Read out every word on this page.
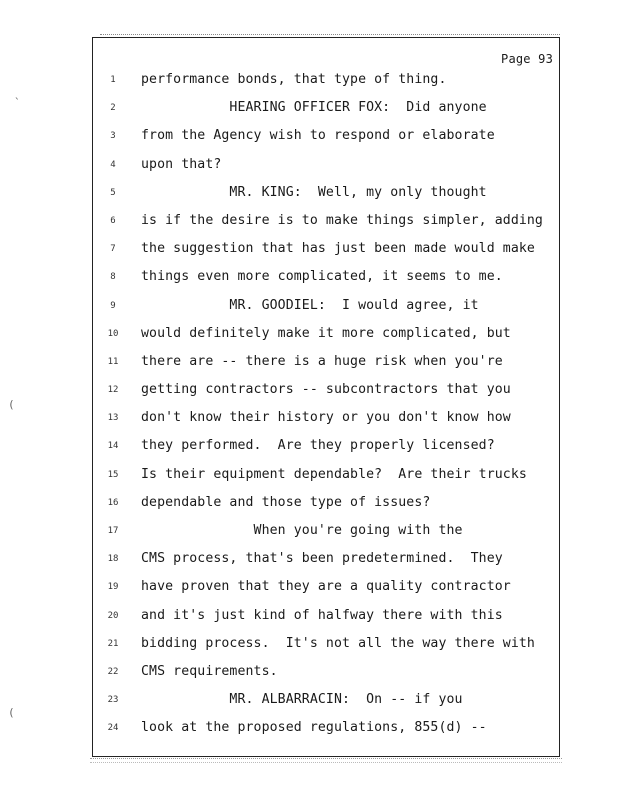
`
(
(
Page 93
1	performance bonds, that type of thing.
2	HEARING OFFICER FOX:  Did anyone
3	from the Agency wish to respond or elaborate
4	upon that?
5	MR. KING:  Well, my only thought
6	is if the desire is to make things simpler, adding
7	the suggestion that has just been made would make
8	things even more complicated, it seems to me.
9	MR. GOODIEL:  I would agree, it
10	would definitely make it more complicated, but
11	there are -- there is a huge risk when you're
12	getting contractors -- subcontractors that you
13	don't know their history or you don't know how
14	they performed.  Are they properly licensed?
15	Is their equipment dependable?  Are their trucks
16	dependable and those type of issues?
17	When you're going with the
18	CMS process, that's been predetermined.  They
19	have proven that they are a quality contractor
20	and it's just kind of halfway there with this
21	bidding process.  It's not all the way there with
22	CMS requirements.
23	MR. ALBARRACIN:  On -- if you
24	look at the proposed regulations, 855(d) --
